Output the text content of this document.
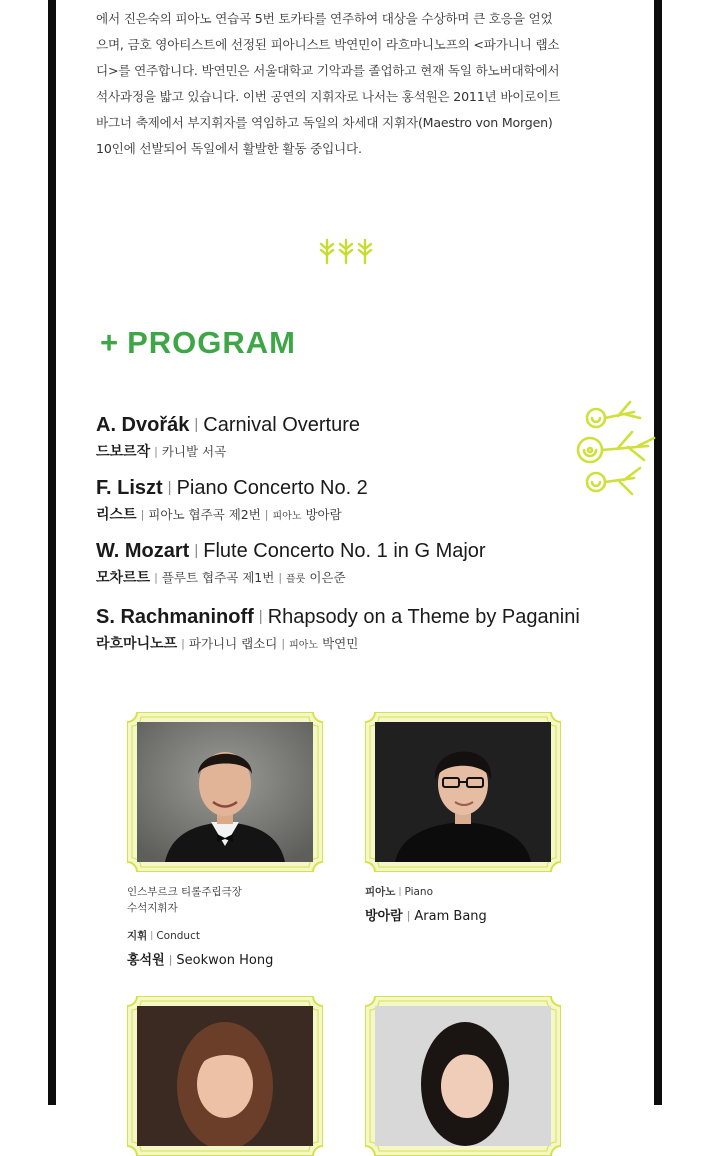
에서 진은숙의 피아노 연습곡 5번 토카타를 연주하여 대상을 수상하며 큰 호응을 얻었

으며, 금호 영아티스트에 선정된 피아니스트 박연민이 라흐마니노프의 <파가니니 랩소

디>를 연주합니다. 박연민은 서울대학교 기악과를 졸업하고 현재 독일 하노버대학에서

석사과정을 밟고 있습니다. 이번 공연의 지휘자로 나서는 홍석원은 2011년 바이로이트

바그너 축제에서 부지휘자를 역임하고 독일의 차세대 지휘자(Maestro von Morgen)

10인에 선발되어 독일에서 활발한 활동 중입니다.

+ PROGRAM
A. Dvořák | Carnival Overture
드보르작 | 카니발 서곡
F. Liszt | Piano Concerto No. 2
리스트 | 피아노 협주곡 제2번 | 피아노 방아람
W. Mozart | Flute Concerto No. 1 in G Major
모차르트 | 플루트 협주곡 제1번 | 플룻 이은준
S. Rachmaninoff | Rhapsody on a Theme by Paganini
라흐마니노프 | 파가니니 랩소디 | 피아노 박연민
인스부르크 티롤주립극장
수석지휘자
지휘 | Conduct
홍석원 | Seokwon Hong
피아노 | Piano
방아람 | Aram Bang
